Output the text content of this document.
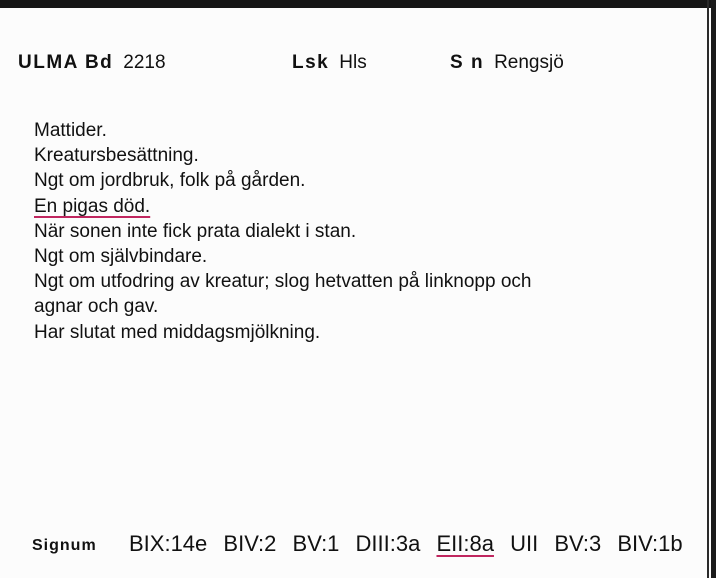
ULMA Bd 2218	Lsk Hls	S n Rengsjö
Mattider.
Kreatursbesättning.
Ngt om jordbruk, folk på gården.
En pigas död.
När sonen inte fick prata dialekt i stan.
Ngt om självbindare.
Ngt om utfodring av kreatur; slog hetvatten på linknopp och
agnar och gav.
Har slutat med middagsmjölkning.
Signum BIX:14e BIV:2 BV:1 DIII:3a EII:8a UII BV:3 BIV:1b
